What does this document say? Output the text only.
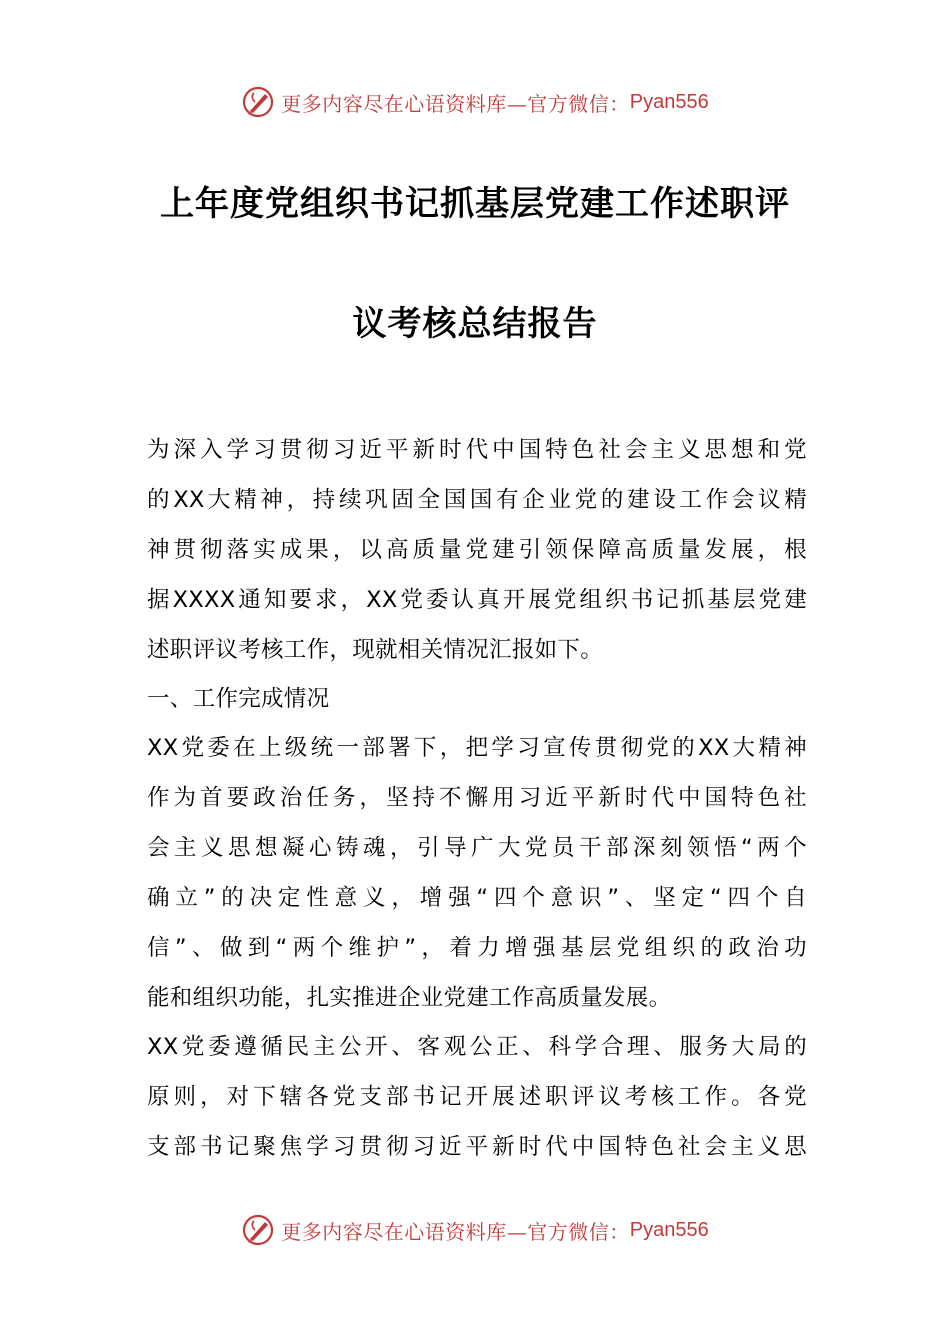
更多内容尽在心语资料库—官方微信： Pyan556
上年度党组织书记抓基层党建工作述职评
议考核总结报告
为深入学习贯彻习近平新时代中国特色社会主义思想和党
的XX大精神，持续巩固全国国有企业党的建设工作会议精
神贯彻落实成果，以高质量党建引领保障高质量发展，根
据XXXX通知要求，XX党委认真开展党组织书记抓基层党建
述职评议考核工作，现就相关情况汇报如下。
一、工作完成情况
XX党委在上级统一部署下，把学习宣传贯彻党的XX大精神
作为首要政治任务，坚持不懈用习近平新时代中国特色社
会主义思想凝心铸魂，引导广大党员干部深刻领悟“两个
确立”的决定性意义，增强“四个意识”、坚定“四个自
信”、做到“两个维护”，着力增强基层党组织的政治功
能和组织功能，扎实推进企业党建工作高质量发展。
XX党委遵循民主公开、客观公正、科学合理、服务大局的
原则，对下辖各党支部书记开展述职评议考核工作。各党
支部书记聚焦学习贯彻习近平新时代中国特色社会主义思
更多内容尽在心语资料库—官方微信： Pyan556
